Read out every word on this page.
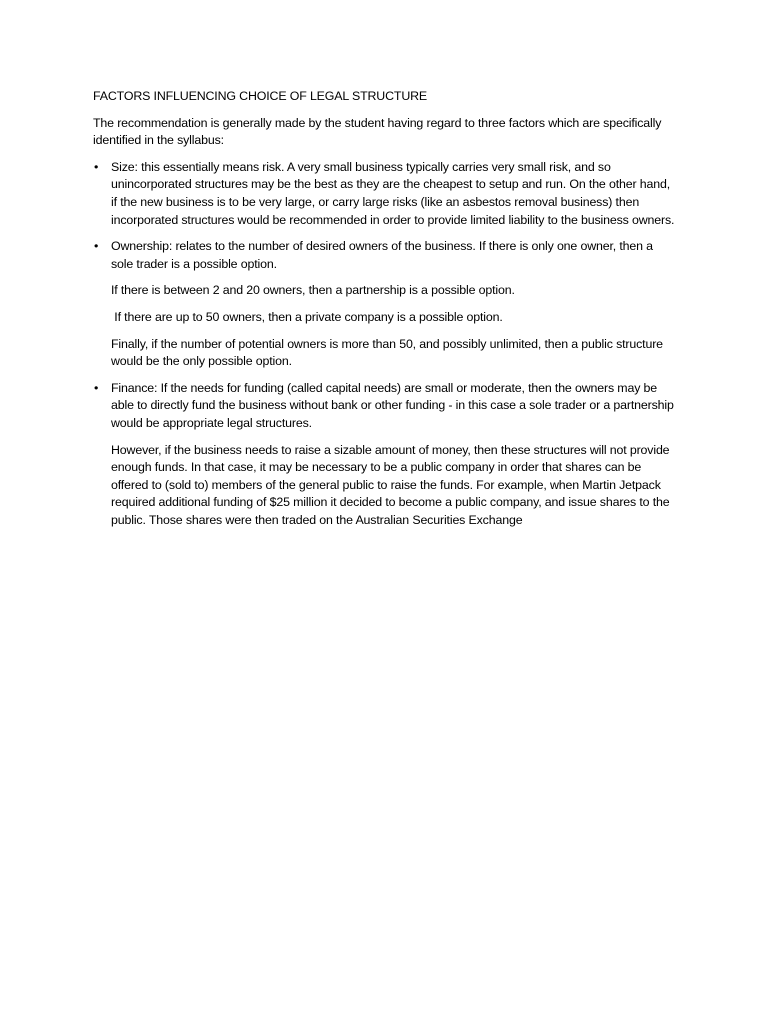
FACTORS INFLUENCING CHOICE OF LEGAL STRUCTURE
The recommendation is generally made by the student having regard to three factors which are specifically identified in the syllabus:
• Size: this essentially means risk. A very small business typically carries very small risk, and so unincorporated structures may be the best as they are the cheapest to setup and run. On the other hand, if the new business is to be very large, or carry large risks (like an asbestos removal business) then incorporated structures would be recommended in order to provide limited liability to the business owners.
• Ownership: relates to the number of desired owners of the business. If there is only one owner, then a sole trader is a possible option.
If there is between 2 and 20 owners, then a partnership is a possible option.
If there are up to 50 owners, then a private company is a possible option.
Finally, if the number of potential owners is more than 50, and possibly unlimited, then a public structure would be the only possible option.
• Finance: If the needs for funding (called capital needs) are small or moderate, then the owners may be able to directly fund the business without bank or other funding - in this case a sole trader or a partnership would be appropriate legal structures.
However, if the business needs to raise a sizable amount of money, then these structures will not provide enough funds. In that case, it may be necessary to be a public company in order that shares can be offered to (sold to) members of the general public to raise the funds. For example, when Martin Jetpack required additional funding of $25 million it decided to become a public company, and issue shares to the public. Those shares were then traded on the Australian Securities Exchange
